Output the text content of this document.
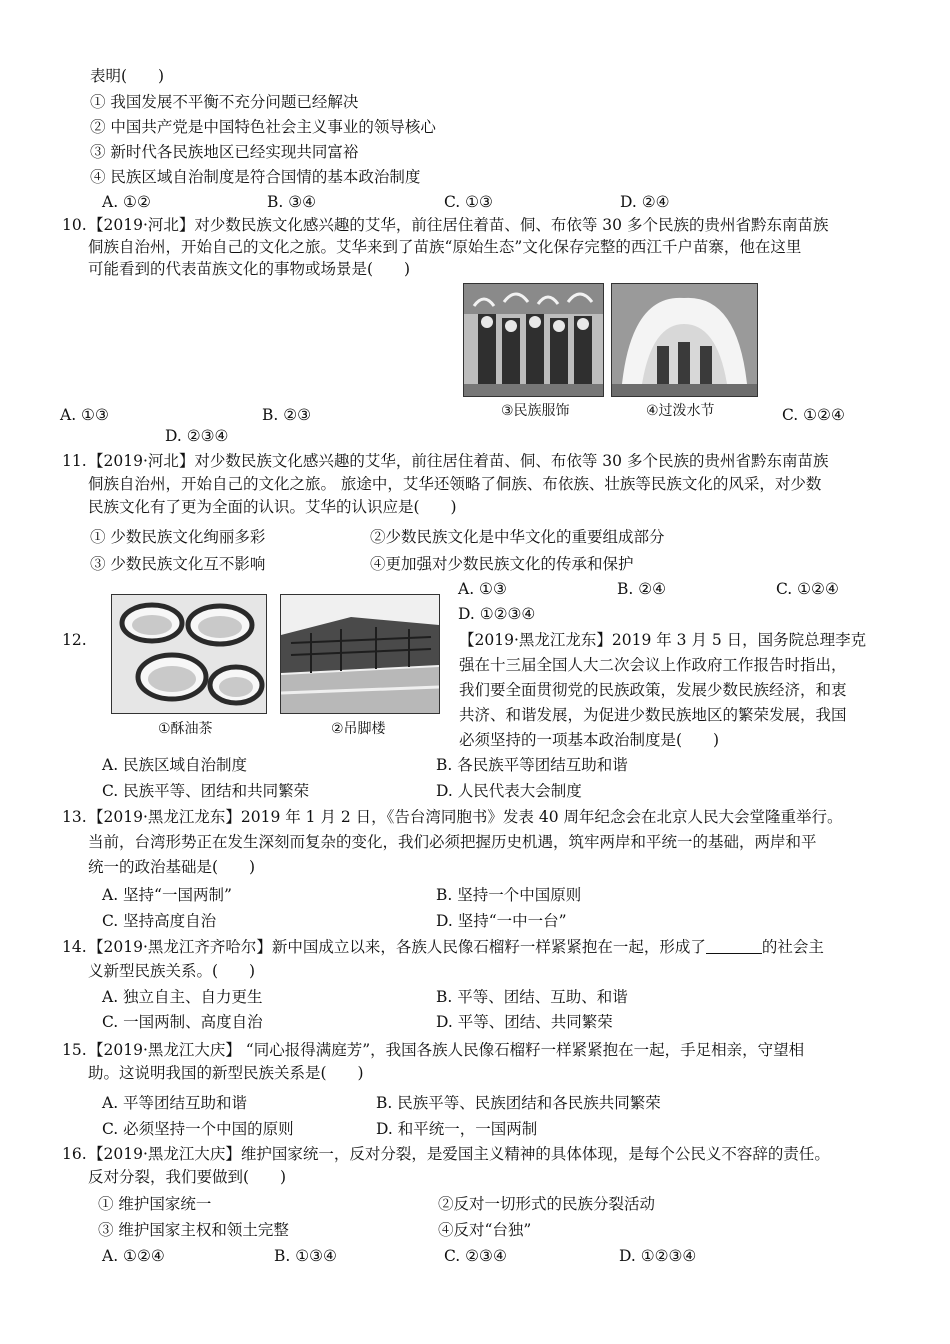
表明(　　)
① 我国发展不平衡不充分问题已经解决
② 中国共产党是中国特色社会主义事业的领导核心
③ 新时代各民族地区已经实现共同富裕
④ 民族区域自治制度是符合国情的基本政治制度
A. ①②	B. ③④	C. ①③	D. ②④
10. 【2019·河北】对少数民族文化感兴趣的艾华，前往居住着苗、侗、布依等 30 多个民族的贵州省黔东南苗族
侗族自治州，开始自己的文化之旅。艾华来到了苗族“原始生态”文化保存完整的西江千户苗寨，他在这里
可能看到的代表苗族文化的事物或场景是(　　)
③民族服饰	④过泼水节
A. ①③	B. ②③	C. ①②④
D. ②③④
11. 【2019·河北】对少数民族文化感兴趣的艾华，前往居住着苗、侗、布依等 30 多个民族的贵州省黔东南苗族
侗族自治州，开始自己的文化之旅。 旅途中，艾华还领略了侗族、布依族、壮族等民族文化的风采，对少数
民族文化有了更为全面的认识。艾华的认识应是(　　)
① 少数民族文化绚丽多彩	②少数民族文化是中华文化的重要组成部分
③ 少数民族文化互不影响	④更加强对少数民族文化的传承和保护
A. ①③	B. ②④	C. ①②④
D. ①②③④
12.
①酥油茶	②吊脚楼
【2019·黑龙江龙东】2019 年 3 月 5 日，国务院总理李克
强在十三届全国人大二次会议上作政府工作报告时指出，
我们要全面贯彻党的民族政策，发展少数民族经济，和衷
共济、和谐发展，为促进少数民族地区的繁荣发展，我国
必须坚持的一项基本政治制度是(　　)
A. 民族区域自治制度	B. 各民族平等团结互助和谐
C. 民族平等、团结和共同繁荣	D. 人民代表大会制度
13. 【2019·黑龙江龙东】2019 年 1 月 2 日，《告台湾同胞书》发表 40 周年纪念会在北京人民大会堂隆重举行。
当前，台湾形势正在发生深刻而复杂的变化，我们必须把握历史机遇，筑牢两岸和平统一的基础，两岸和平
统一的政治基础是(　　)
A. 坚持“一国两制”	B. 坚持一个中国原则
C. 坚持高度自治	D. 坚持“一中一台”
14. 【2019·黑龙江齐齐哈尔】新中国成立以来，各族人民像石榴籽一样紧紧抱在一起，形成了	的社会主
义新型民族关系。(　　)
A. 独立自主、自力更生	B. 平等、团结、互助、和谐
C. 一国两制、高度自治	D. 平等、团结、共同繁荣
15. 【2019·黑龙江大庆】 “同心报得满庭芳”，我国各族人民像石榴籽一样紧紧抱在一起，手足相亲，守望相
助。这说明我国的新型民族关系是(　　)
A. 平等团结互助和谐	B. 民族平等、民族团结和各民族共同繁荣
C. 必须坚持一个中国的原则	D. 和平统一，一国两制
16. 【2019·黑龙江大庆】维护国家统一，反对分裂，是爱国主义精神的具体体现，是每个公民义不容辞的责任。
反对分裂，我们要做到(　　)
① 维护国家统一	②反对一切形式的民族分裂活动
③ 维护国家主权和领土完整	④反对“台独”
A. ①②④	B. ①③④	C. ②③④	D. ①②③④
